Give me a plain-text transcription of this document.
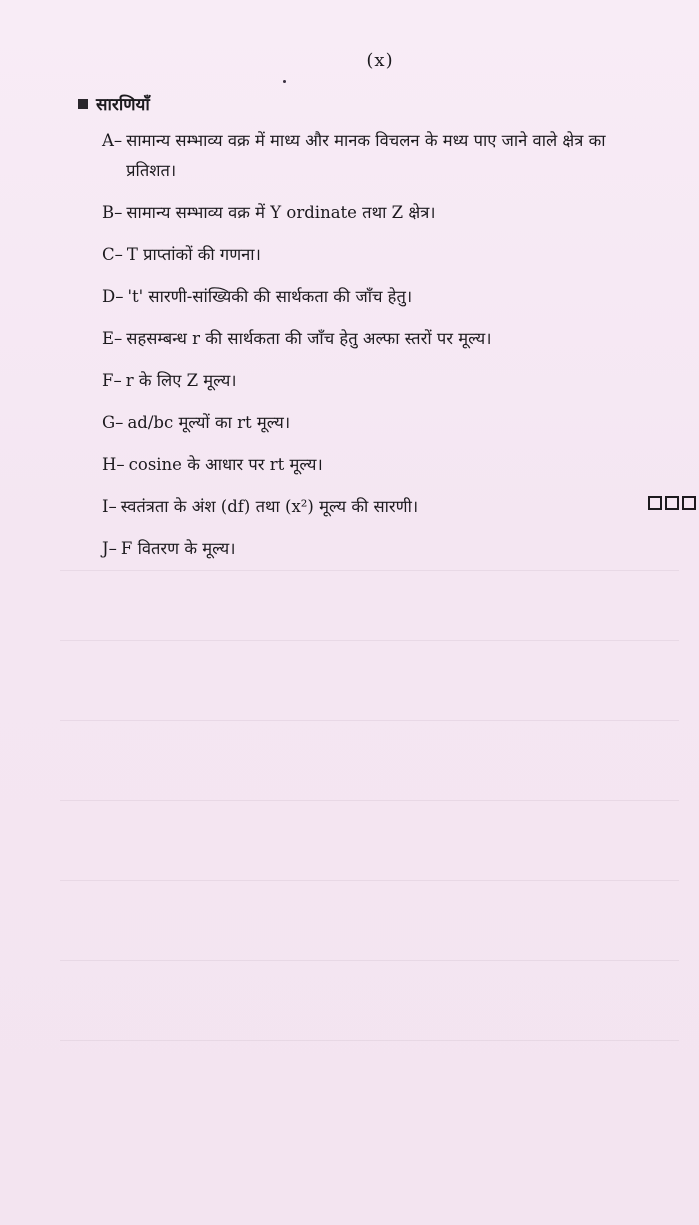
(x)
सारणियाँ
A– सामान्य सम्भाव्य वक्र में माध्य और मानक विचलन के मध्य पाए जाने वाले क्षेत्र का प्रतिशत।
B– सामान्य सम्भाव्य वक्र में Y ordinate तथा Z क्षेत्र।
C– T प्राप्तांकों की गणना।
D– 't' सारणी-सांख्यिकी की सार्थकता की जाँच हेतु।
E– सहसम्बन्ध r की सार्थकता की जाँच हेतु अल्फा स्तरों पर मूल्य।
F– r के लिए Z मूल्य।
G– ad/bc मूल्यों का rt मूल्य।
H– cosine के आधार पर rt मूल्य।
I– स्वतंत्रता के अंश (df) तथा (x²) मूल्य की सारणी।
J– F वितरण के मूल्य।
